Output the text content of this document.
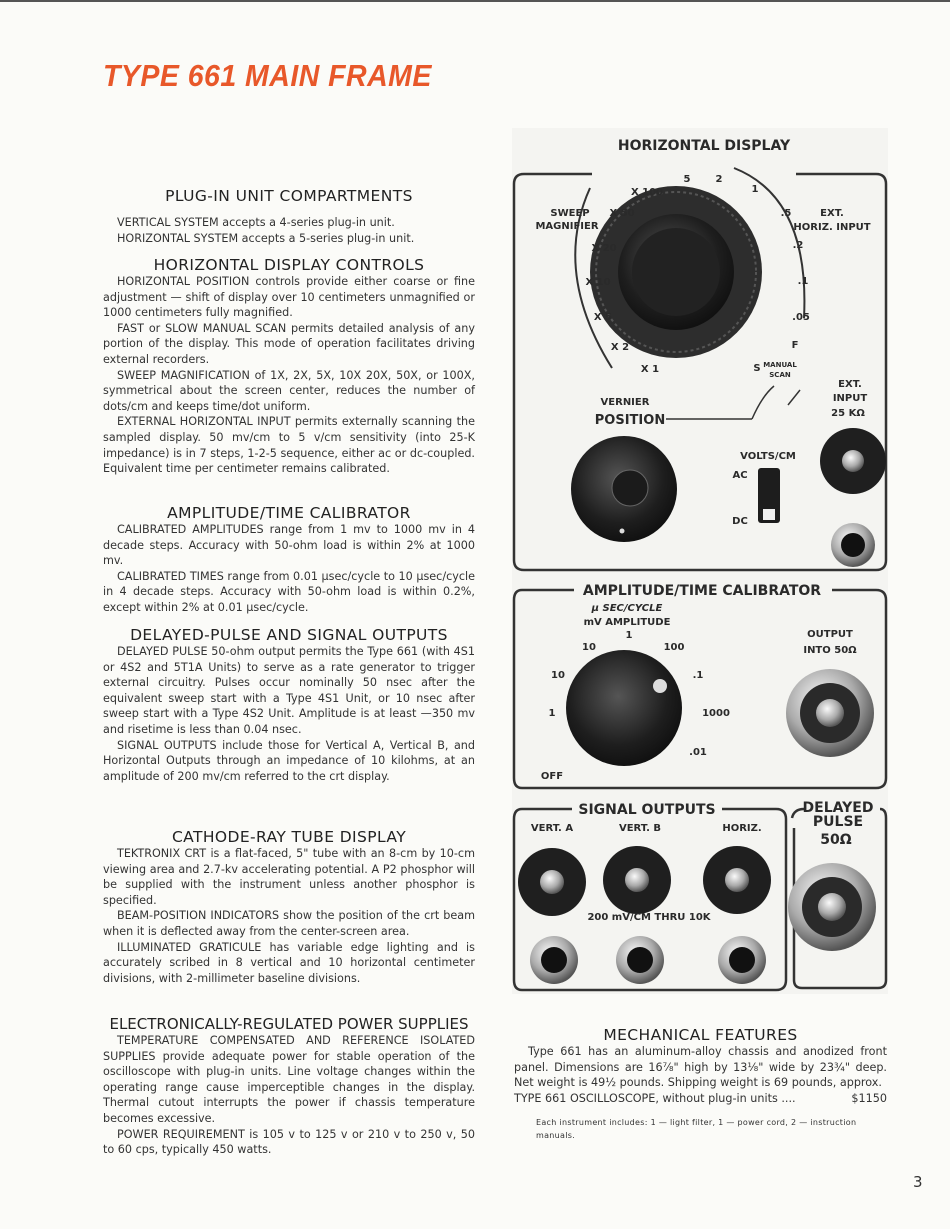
TYPE 661 MAIN FRAME
PLUG-IN UNIT COMPARTMENTS

VERTICAL SYSTEM accepts a 4-series plug-in unit.

HORIZONTAL SYSTEM accepts a 5-series plug-in unit.

HORIZONTAL DISPLAY CONTROLS

HORIZONTAL POSITION controls provide either coarse or fine adjustment — shift of display over 10 centimeters unmagnified or 1000 centimeters fully magnified.

FAST or SLOW MANUAL SCAN permits detailed analysis of any portion of the display. This mode of operation facilitates driving external recorders.

SWEEP MAGNIFICATION of 1X, 2X, 5X, 10X 20X, 50X, or 100X, symmetrical about the screen center, reduces the number of dots/cm and keeps time/dot uniform.

EXTERNAL HORIZONTAL INPUT permits externally scanning the sampled display. 50 mv/cm to 5 v/cm sensitivity (into 25-K impedance) is in 7 steps, 1-2-5 sequence, either ac or dc-coupled. Equivalent time per centimeter remains calibrated.

AMPLITUDE/TIME CALIBRATOR

CALIBRATED AMPLITUDES range from 1 mv to 1000 mv in 4 decade steps. Accuracy with 50-ohm load is within 2% at 1000 mv.

CALIBRATED TIMES range from 0.01 μsec/cycle to 10 μsec/cycle in 4 decade steps. Accuracy with 50-ohm load is within 0.2%, except within 2% at 0.01 μsec/cycle.

DELAYED-PULSE AND SIGNAL OUTPUTS

DELAYED PULSE 50-ohm output permits the Type 661 (with 4S1 or 4S2 and 5T1A Units) to serve as a rate generator to trigger external circuitry. Pulses occur nominally 50 nsec after the equivalent sweep start with a Type 4S1 Unit, or 10 nsec after sweep start with a Type 4S2 Unit. Amplitude is at least —350 mv and risetime is less than 0.04 nsec.

SIGNAL OUTPUTS include those for Vertical A, Vertical B, and Horizontal Outputs through an impedance of 10 kilohms, at an amplitude of 200 mv/cm referred to the crt display.

CATHODE-RAY TUBE DISPLAY

TEKTRONIX CRT is a flat-faced, 5" tube with an 8-cm by 10-cm viewing area and 2.7-kv accelerating potential. A P2 phosphor will be supplied with the instrument unless another phosphor is specified.

BEAM-POSITION INDICATORS show the position of the crt beam when it is deflected away from the center-screen area.

ILLUMINATED GRATICULE has variable edge lighting and is accurately scribed in 8 vertical and 10 horizontal centimeter divisions, with 2-millimeter baseline divisions.

ELECTRONICALLY-REGULATED POWER SUPPLIES

TEMPERATURE COMPENSATED AND REFERENCE ISOLATED SUPPLIES provide adequate power for stable operation of the oscilloscope with plug-in units. Line voltage changes within the operating range cause imperceptible changes in the display. Thermal cutout interrupts the power if chassis temperature becomes excessive.

POWER REQUIREMENT is 105 v to 125 v or 210 v to 250 v, 50 to 60 cps, typically 450 watts.

HORIZONTAL DISPLAY
SWEEP
MAGNIFIER
X 100
X 50
X 20
X 10
X 5
X 2
X 1
5	2
1
.5
.2
.1
.05
EXT.
HORIZ. INPUT
F
S MANUAL
SCAN
VERNIER
POSITION
VOLTS/CM
AC
DC
EXT.
INPUT
25 KΩ
AMPLITUDE/TIME CALIBRATOR
μ SEC/CYCLE
mV AMPLITUDE
1
10	100
10
1
.1
1000
.01
OFF
OUTPUT
INTO 50Ω
SIGNAL OUTPUTS
VERT. A	VERT. B	HORIZ.
200 mV/CM THRU 10K
DELAYED
PULSE
50Ω
MECHANICAL FEATURES

Type 661 has an aluminum-alloy chassis and anodized front panel. Dimensions are 16⅞" high by 13⅛" wide by 23¾" deep. Net weight is 49½ pounds. Shipping weight is 69 pounds, approx.

TYPE 661 OSCILLOSCOPE, without plug-in units ....	$1150
Each instrument includes: 1 — light filter, 1 — power cord, 2 — instruction manuals.
3
